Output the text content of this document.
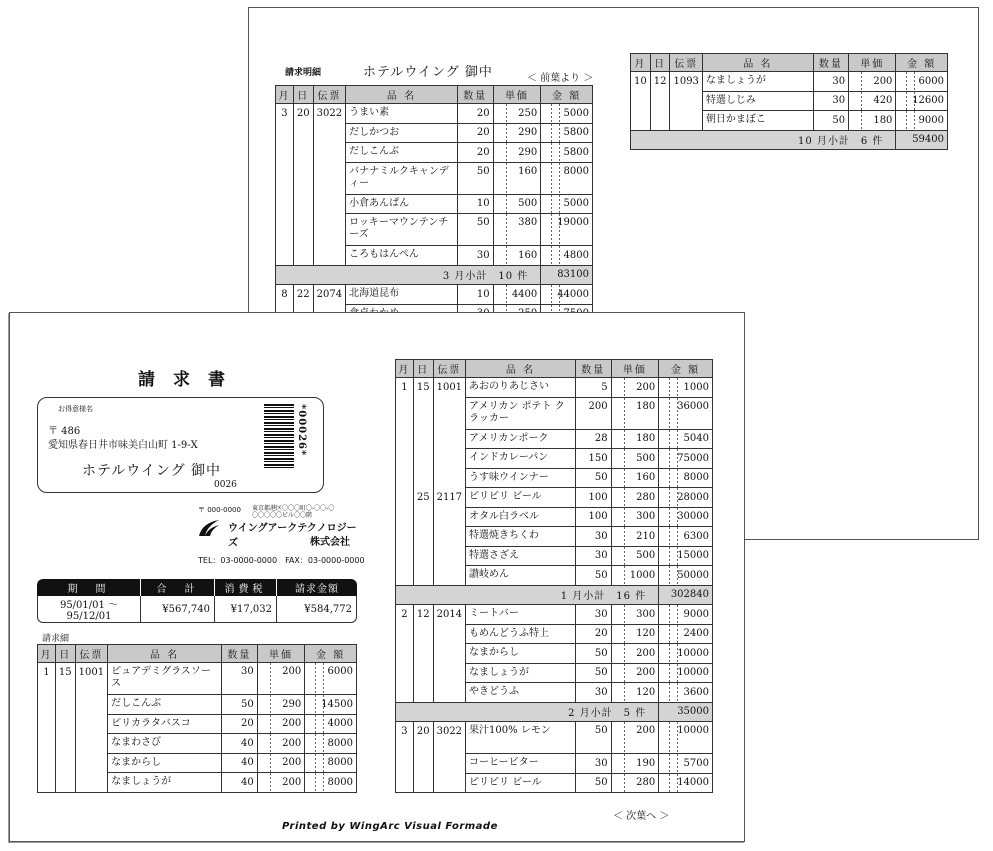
請求明細	ホテルウイング 御中	＜ 前葉より ＞
月	日	伝票	品 名	数量	単価	金 額
3	20	3022	うまい素	20	250	5000
			だしかつお	20	290	5800
			だしこんぶ	20	290	5800
			バナナミルクキャンディー	50	160	8000
			小倉あんぱん	10	500	5000
			ロッキーマウンテンチーズ	50	380	19000
			ころもはんぺん	30	160	4800
3 月小計　10 件						83100
8	22	2074	北海道昆布	10	4400	44000

月	日	伝票	品 名	数量	単価	金 額
10	12	1093	なましょうが	30	200	6000
			特選しじみ	30	420	12600
			朝日かまぼこ	50	180	9000
10 月小計　6 件						59400
請求書
お得意様名
〒 486
愛知県春日井市味美白山町 1-9-X
ホテルウイング 御中
0026
*00026*
〒 000-0000 東京都港区〇〇〇町〇-〇〇-〇 〇〇〇〇〇ビル〇〇階
ウイングアークテクノロジーズ	株式会社
TEL：03-0000-0000　FAX：03-0000-0000
期　間	合　計	消費税	請求金額
95/01/01 ～ 95/12/01	¥567,740	¥17,032	¥584,772
請求細
月	日	伝票	品 名	数量	単価	金 額
1	15	1001	ピュアデミグラスソース	30	200	6000
			だしこんぶ	50	290	14500
			ピリカラタバスコ	20	200	4000
			なまわさび	40	200	8000
			なまからし	40	200	8000
			なましょうが	40	200	8000
月	日	伝票	品 名	数量	単価	金 額
1	15	1001	あおのりあじさい	5	200	1000
			アメリカン ポテト クラッカー	200	180	36000
			アメリカンポーク	28	180	5040
			インドカレーパン	150	500	75000
			うす味ウインナー	50	160	8000
	25	2117	ピリピリ ビール	100	280	28000
			オタル白ラベル	100	300	30000
			特選焼きちくわ	30	210	6300
			特選さざえ	30	500	15000
			讃岐めん	50	1000	50000
1 月小計　16 件						302840
2	12	2014	ミートバー	30	300	9000
			もめんどうふ特上	20	120	2400
			なまからし	50	200	10000
			なましょうが	50	200	10000
			やきどうふ	30	120	3600
2 月小計　5 件						35000
3	20	3022	果汁100% レモン	50	200	10000
			コーヒービター	30	190	5700
			ピリピリ ビール	50	280	14000
＜ 次葉へ ＞
Printed by WingArc Visual Formade
